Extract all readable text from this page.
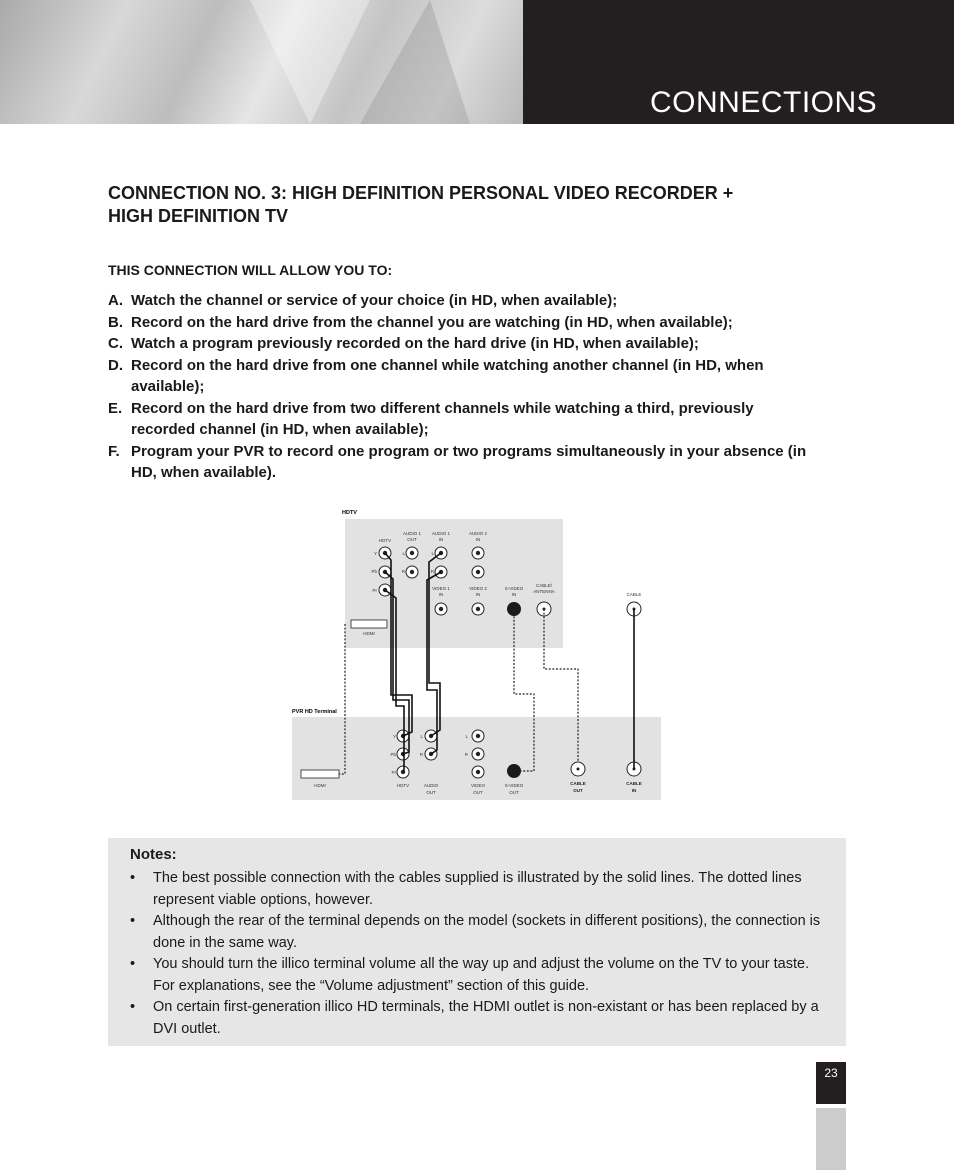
CONNECTIONS
CONNECTION NO. 3: HIGH DEFINITION PERSONAL VIDEO RECORDER +
HIGH DEFINITION TV
THIS CONNECTION WILL ALLOW YOU TO:
A. Watch the channel or service of your choice (in HD, when available);
B. Record on the hard drive from the channel you are watching (in HD, when available);
C. Watch a program previously recorded on the hard drive (in HD, when available);
D. Record on the hard drive from one channel while watching another channel (in HD, when available);
E. Record on the hard drive from two different channels while watching a third, previously recorded channel (in HD, when available);
F. Program your PVR to record one program or two programs simultaneously in your absence (in HD, when available).
HDTV
PVR HD Terminal
HDTV
AUDIO 1
OUT
AUDIO 1
IN
AUDIO 2
IN
VIDEO 1
IN
VIDEO 2
IN
S-VIDEO
IN
CABLE/
ANTENNA
HDMI
Y
Pb
Pr
L
R
L
R
CABLE
Y
Pb
Pr
L
R
L
R
HDMI	HDTV	AUDIO
OUT
VIDEO
OUT
S-VIDEO
OUT
CABLE
OUT
CABLE
IN
Notes:
• The best possible connection with the cables supplied is illustrated by the solid lines. The dotted lines represent viable options, however.
• Although the rear of the terminal depends on the model (sockets in different positions), the connection is done in the same way.
• You should turn the illico terminal volume all the way up and adjust the volume on the TV to your taste. For explanations, see the “Volume adjustment” section of this guide.
• On certain first-generation illico HD terminals, the HDMI outlet is non-existant or has been replaced by a DVI outlet.
23
